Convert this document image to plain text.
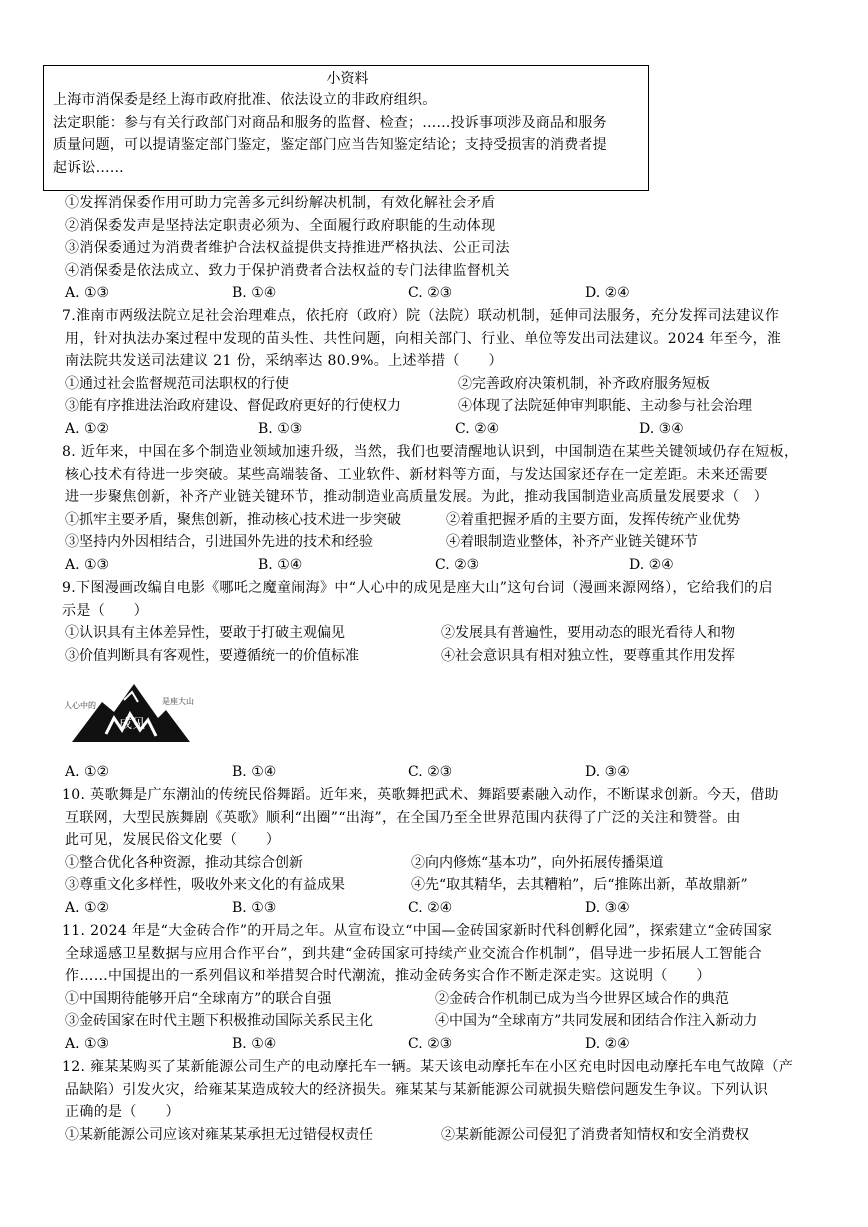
小资料
上海市消保委是经上海市政府批准、依法设立的非政府组织。
法定职能：参与有关行政部门对商品和服务的监督、检查；……投诉事项涉及商品和服务
质量问题，可以提请鉴定部门鉴定，鉴定部门应当告知鉴定结论；支持受损害的消费者提
起诉讼……
①发挥消保委作用可助力完善多元纠纷解决机制，有效化解社会矛盾
②消保委发声是坚持法定职责必须为、全面履行政府职能的生动体现
③消保委通过为消费者维护合法权益提供支持推进严格执法、公正司法
④消保委是依法成立、致力于保护消费者合法权益的专门法律监督机关
A. ①③	B. ①④	C. ②③	D. ②④
7.淮南市两级法院立足社会治理难点，依托府（政府）院（法院）联动机制，延伸司法服务，充分发挥司法建议作
用，针对执法办案过程中发现的苗头性、共性问题，向相关部门、行业、单位等发出司法建议。2024 年至今，淮
南法院共发送司法建议 21 份，采纳率达 80.9%。上述举措（　　）
①通过社会监督规范司法职权的行使	②完善政府决策机制，补齐政府服务短板
③能有序推进法治政府建设、督促政府更好的行使权力	④体现了法院延伸审判职能、主动参与社会治理
A. ①②	B. ①③	C. ②④	D. ③④
8. 近年来，中国在多个制造业领域加速升级，当然，我们也要清醒地认识到，中国制造在某些关键领域仍存在短板，
核心技术有待进一步突破。某些高端装备、工业软件、新材料等方面，与发达国家还存在一定差距。未来还需要
进一步聚焦创新，补齐产业链关键环节，推动制造业高质量发展。为此，推动我国制造业高质量发展要求（　）
①抓牢主要矛盾，聚焦创新，推动核心技术进一步突破	②着重把握矛盾的主要方面，发挥传统产业优势
③坚持内外因相结合，引进国外先进的技术和经验	④着眼制造业整体，补齐产业链关键环节
A. ①③	B. ①④	C. ②③	D. ②④
9.下图漫画改编自电影《哪吒之魔童闹海》中“人心中的成见是座大山”这句台词（漫画来源网络），它给我们的启
示是（　　）
①认识具有主体差异性，要敢于打破主观偏见	②发展具有普遍性，要用动态的眼光看待人和物
③价值判断具有客观性，要遵循统一的价值标准	④社会意识具有相对独立性，要尊重其作用发挥
人心中的	是座大山
成见
A. ①②	B. ①④	C. ②③	D. ③④
10. 英歌舞是广东潮汕的传统民俗舞蹈。近年来，英歌舞把武术、舞蹈要素融入动作，不断谋求创新。今天，借助
互联网，大型民族舞剧《英歌》顺利“出圈”“出海”，在全国乃至全世界范围内获得了广泛的关注和赞誉。由
此可见，发展民俗文化要（　　）
①整合优化各种资源，推动其综合创新	②向内修炼“基本功”，向外拓展传播渠道
③尊重文化多样性，吸收外来文化的有益成果	④先“取其精华，去其糟粕”，后“推陈出新，革故鼎新”
A. ①②	B. ①③	C. ②④	D. ③④
11. 2024 年是“大金砖合作”的开局之年。从宣布设立“中国—金砖国家新时代科创孵化园”，探索建立“金砖国家
全球遥感卫星数据与应用合作平台”，到共建“金砖国家可持续产业交流合作机制”，倡导进一步拓展人工智能合
作……中国提出的一系列倡议和举措契合时代潮流，推动金砖务实合作不断走深走实。这说明（　　）
①中国期待能够开启“全球南方”的联合自强	②金砖合作机制已成为当今世界区域合作的典范
③金砖国家在时代主题下积极推动国际关系民主化	④中国为“全球南方”共同发展和团结合作注入新动力
A. ①③	B. ①④	C. ②③	D. ②④
12. 雍某某购买了某新能源公司生产的电动摩托车一辆。某天该电动摩托车在小区充电时因电动摩托车电气故障（产
品缺陷）引发火灾，给雍某某造成较大的经济损失。雍某某与某新能源公司就损失赔偿问题发生争议。下列认识
正确的是（　　）
①某新能源公司应该对雍某某承担无过错侵权责任	②某新能源公司侵犯了消费者知情权和安全消费权
